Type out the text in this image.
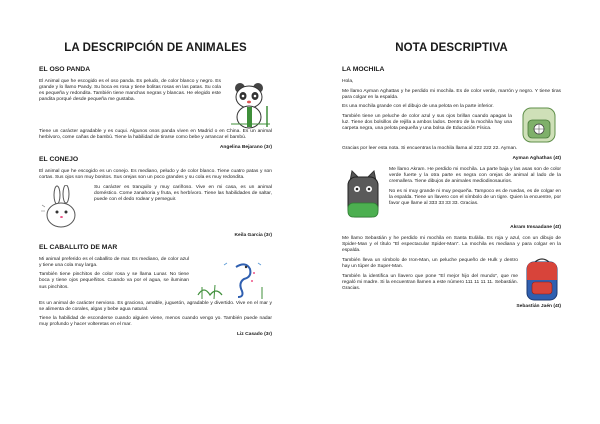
LA DESCRIPCIÓN DE ANIMALES
EL OSO PANDA

El Animal que he escogido es el oso panda. Es peludo, de color blanco y negro. Es grande y lo llamo Pandy. Su boca es rosa y tiene bolitas rosas en las patas. Su cola es pequeña y redondita. También tiene manchas negras y blancas. He elegido este pandita porqué desde pequeña me gustaba.

Tiene un carácter agradable y es cuqui. Algunos osos panda viven en Madrid o en China. Es un animal herbívoro, come cañas de bambú. Tiene la habilidad de tirarse como bebe y arrancar el bambú.

Angelina Bejarano (3r)
EL CONEJO

El animal que he escogido es un conejo. Es mediano, peludo y de color blanco. Tiene cuatro patas y son cortas. Sus ojos son muy bonitos. Sus orejas son un poco grandes y su cola es muy redondita.

Su carácter es tranquilo y muy cariñoso. Vive en mi casa, es un animal doméstico. Come zanahoria y fruta, es herbívoro. Tiene las habilidades de saltar, puede con el dedo rodear y perseguir.

Keila Garcia (3r)
EL CABALLITO DE MAR

Mi animal preferido es el caballito de mar. Es mediano, de color azul y tiene una cola muy larga.

También tiene pinchitos de color rosa y se llama Lunar. No tiene boca y tiene ojos pequeñitos. Cuando va por el agua, se iluminan sus pinchitos.

Es un animal de carácter nervioso. Es gracioso, amable, juguetón, agradable y divertido. Vive en el mar y se alimenta de corales, algas y bebe agua natural.

Tiene la habilidad de esconderse cuando alguien viene, menos cuando vengo yo. También puede nadar muy profundo y hacer volteretas en el mar.

Liz Casado (3r)
NOTA DESCRIPTIVA
LA MOCHILA

Hola,

Me llamo Ayman Aghattas y he perdido mi mochila. Es de color verde, marrón y negro. Y tiene tiras para colgar en la espalda.

Es una mochila grande con el dibujo de una pelota en la parte inferior.

También tiene un peluche de color azul y sus ojos brillan cuando apagas la luz. Tiene dos bolsillos de rejilla a ambos lados. Dentro de la mochila hay una carpeta negra, una pelota pequeña y una bolsa de Educación Física.

Gracias por leer esta nota. Si encuentras la mochila llama al 222 222 22. Ayman.

Ayman Aghathas (4t)

Me llamo Akram. He perdido mi mochila. La parte baja y las asas son de color verde fuerte y la otra parte es negra con orejas de animal al lado de la cremallera. Tiene dibujos de animales mediodinosaurios.

No es ni muy grande ni muy pequeña. Tampoco es de ruedas, es de colgar en la espalda. Tiene un llavero con el símbolo de un tigre. Quien la encuentre, por favor que llame al 333 33 33 33. Gracias.

Akram Imsaadane (4t)

Me llamo Sebastián y he perdido mi mochila en Santa Eulàlia. Es roja y azul, con un dibujo de Spider-Man y el título "El espectacular Spider-Man". La mochila es mediana y para colgar en la espalda.

También lleva un símbolo de Iron-Man, un peluche pequeño de Hulk y dentro hay un túper de Super-Man.

También la identifica un llavero que pone "El mejor hijo del mundo", que me regaló mi madre. Si la encuentran llamen a este número 111 11 11 11. Sebastián. Gracias.

Sebastián Jaén (4t)
